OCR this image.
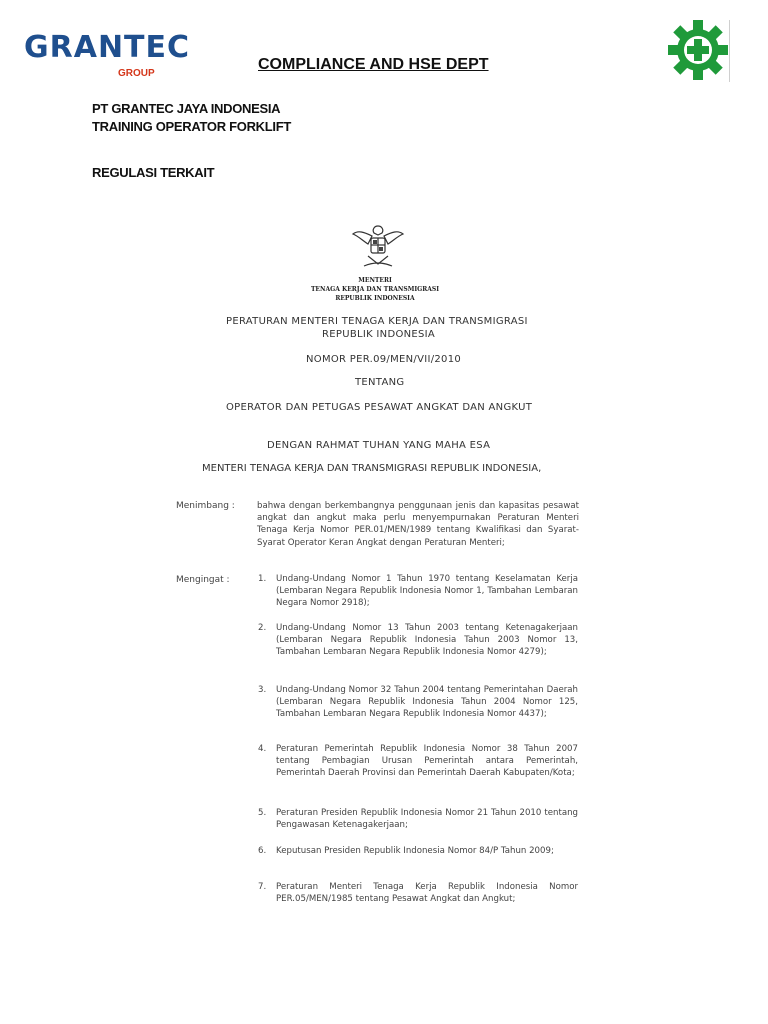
GRANTEC
GROUP
COMPLIANCE AND HSE DEPT
PT GRANTEC JAYA INDONESIA
TRAINING OPERATOR FORKLIFT
REGULASI TERKAIT
MENTERI
TENAGA KERJA DAN TRANSMIGRASI
REPUBLIK INDONESIA
PERATURAN MENTERI TENAGA KERJA DAN TRANSMIGRASI
REPUBLIK INDONESIA
NOMOR PER.09/MEN/VII/2010
TENTANG
OPERATOR DAN PETUGAS PESAWAT ANGKAT DAN ANGKUT
DENGAN RAHMAT TUHAN YANG MAHA ESA
MENTERI TENAGA KERJA DAN TRANSMIGRASI REPUBLIK INDONESIA,
Menimbang :	bahwa dengan berkembangnya penggunaan jenis dan kapasitas pesawat angkat dan angkut maka perlu menyempurnakan Peraturan Menteri Tenaga Kerja Nomor PER.01/MEN/1989 tentang Kwalifikasi dan Syarat-Syarat Operator Keran Angkat dengan Peraturan Menteri;
Mengingat :	1. Undang-Undang Nomor 1 Tahun 1970 tentang Keselamatan Kerja (Lembaran Negara Republik Indonesia Nomor 1, Tambahan Lembaran Negara Nomor 2918);
2. Undang-Undang Nomor 13 Tahun 2003 tentang Ketenagakerjaan (Lembaran Negara Republik Indonesia Tahun 2003 Nomor 13, Tambahan Lembaran Negara Republik Indonesia Nomor 4279);
3. Undang-Undang Nomor 32 Tahun 2004 tentang Pemerintahan Daerah (Lembaran Negara Republik Indonesia Tahun 2004 Nomor 125, Tambahan Lembaran Negara Republik Indonesia Nomor 4437);
4. Peraturan Pemerintah Republik Indonesia Nomor 38 Tahun 2007 tentang Pembagian Urusan Pemerintah antara Pemerintah, Pemerintah Daerah Provinsi dan Pemerintah Daerah Kabupaten/Kota;
5. Peraturan Presiden Republik Indonesia Nomor 21 Tahun 2010 tentang Pengawasan Ketenagakerjaan;
6. Keputusan Presiden Republik Indonesia Nomor 84/P Tahun 2009;
7. Peraturan Menteri Tenaga Kerja Republik Indonesia Nomor PER.05/MEN/1985 tentang Pesawat Angkat dan Angkut;
